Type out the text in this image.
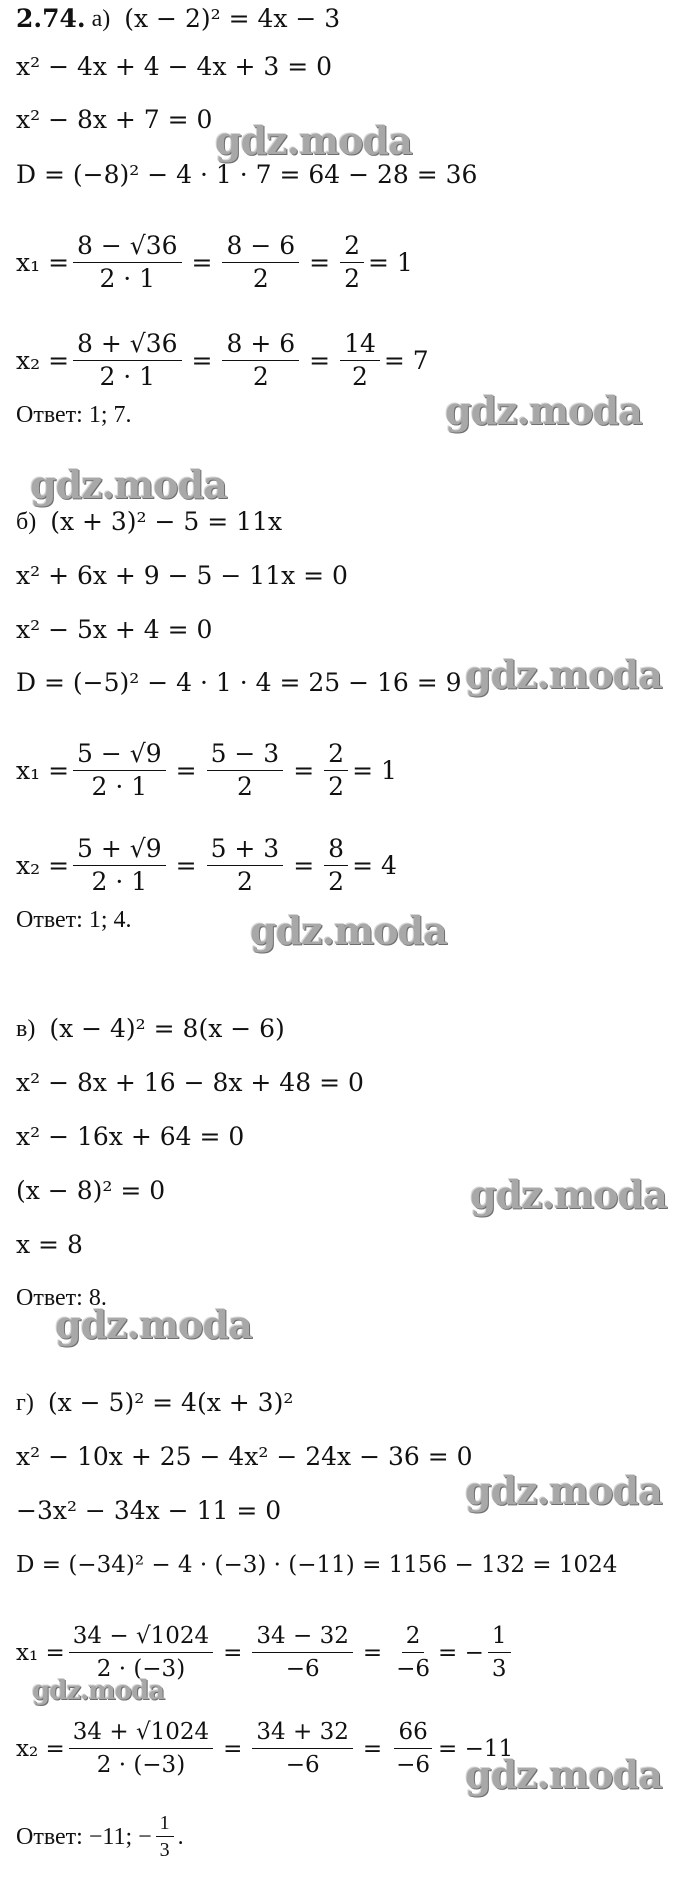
2.74. а) (x − 2)² = 4x − 3
x² − 4x + 4 − 4x + 3 = 0
x² − 8x + 7 = 0
D = (−8)² − 4 · 1 · 7 = 64 − 28 = 36
$x_1 = \frac{8 - √36}{2 \cdot 1} = \frac{8 - 6}{2} = \frac{2}{2} = 1$
$x_2 = \frac{8 + √36}{2 \cdot 1} = \frac{8 + 6}{2} = \frac{14}{2} = 7$
Ответ: 1; 7.
б) (x + 3)² − 5 = 11x
x² + 6x + 9 − 5 − 11x = 0
x² − 5x + 4 = 0
D = (−5)² − 4 · 1 · 4 = 25 − 16 = 9
$x_1 = \frac{5 - √9}{2 \cdot 1} = \frac{5 - 3}{2} = \frac{2}{2} = 1$
$x_2 = \frac{5 + √9}{2 \cdot 1} = \frac{5 + 3}{2} = \frac{8}{2} = 4$
Ответ: 1; 4.
в) (x − 4)² = 8(x − 6)
x² − 8x + 16 − 8x + 48 = 0
x² − 16x + 64 = 0
(x − 8)² = 0
x = 8
Ответ: 8.
г) (x − 5)² = 4(x + 3)²
x² − 10x + 25 − 4x² − 24x − 36 = 0
−3x² − 34x − 11 = 0
D = (−34)² − 4 · (−3) · (−11) = 1156 − 132 = 1024
$x_1 = \frac{34 - √1024}{2 \cdot (-3)} = \frac{34 - 32}{-6} = \frac{2}{-6}$ = − $\frac{1}{3}$
$x_2 = \frac{34 + √1024}{2 \cdot (-3)} = \frac{34 + 32}{-6} = \frac{66}{-6} = -11$
Ответ: −11; − $\frac{1}{3}$ .
gdz.moda
gdz.moda
gdz.moda
gdz.moda
gdz.moda
gdz.moda
gdz.moda
gdz.moda
gdz.moda
gdz.moda
